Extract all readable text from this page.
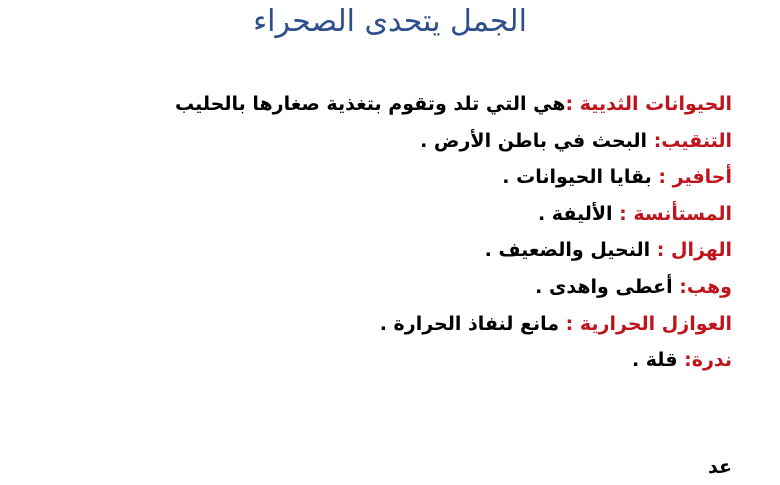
الجمل يتحدى الصحراء
الحيوانات الثديية :هي التي تلد وتقوم بتغذية صغارها بالحليب
التنقيب: البحث في باطن الأرض .
أحافير : بقايا الحيوانات .
المستأنسة : الأليفة .
الهزال : النحيل والضعيف .
وهب: أعطى واهدى .
العوازل الحرارية : مانع لنفاذ الحرارة .
ندرة: قلة .
عد
